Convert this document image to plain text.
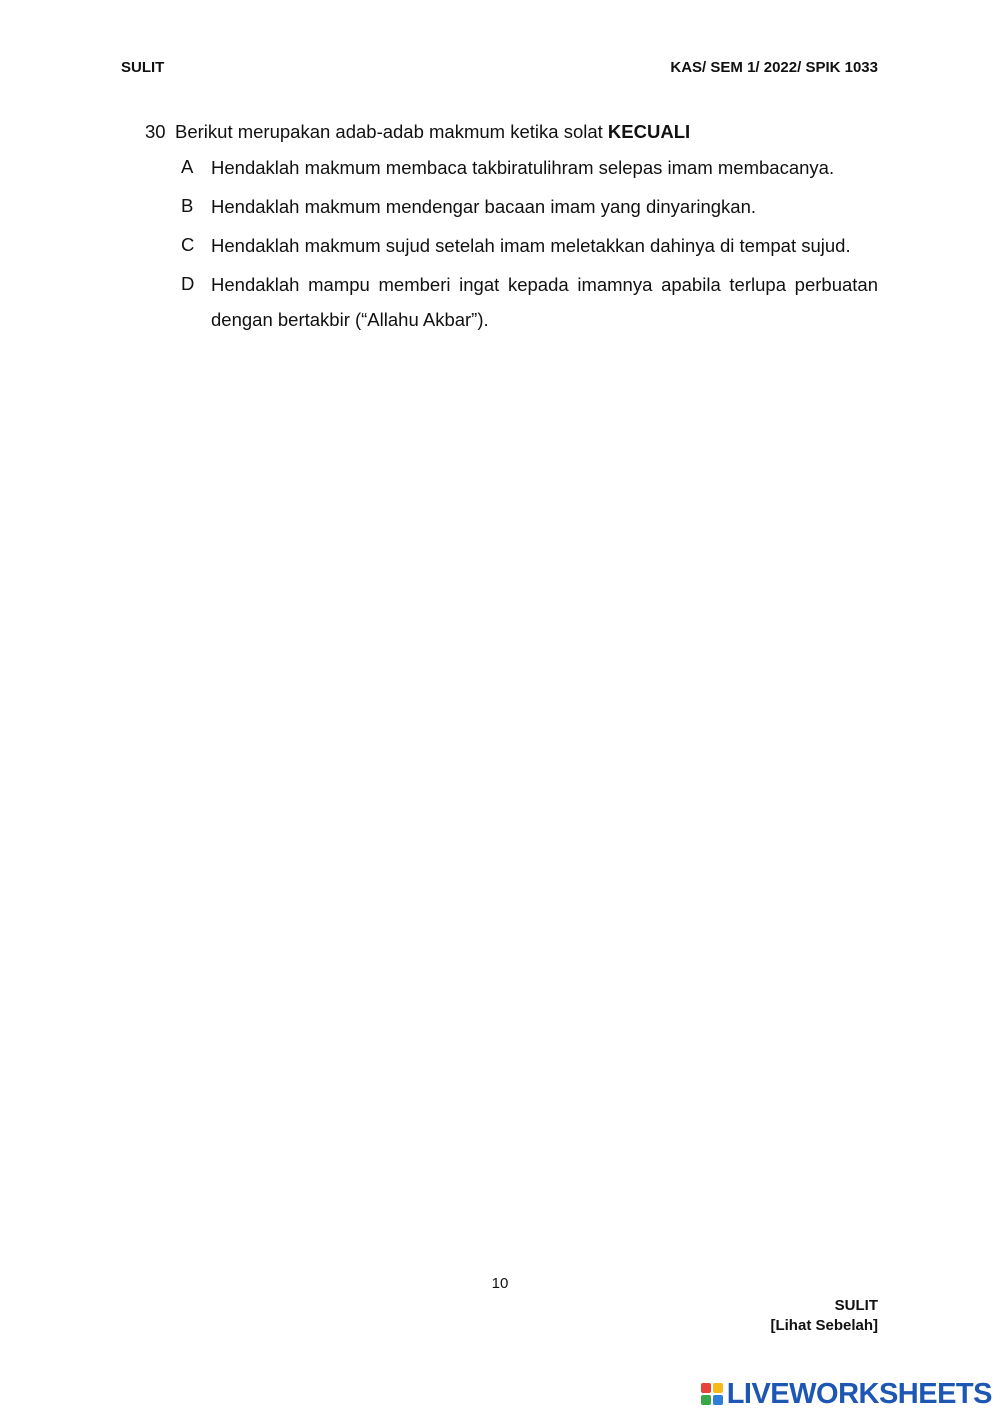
SULIT	KAS/ SEM 1/ 2022/ SPIK 1033
30 Berikut merupakan adab-adab makmum ketika solat KECUALI
A Hendaklah makmum membaca takbiratulihram selepas imam membacanya.
B Hendaklah makmum mendengar bacaan imam yang dinyaringkan.
C Hendaklah makmum sujud setelah imam meletakkan dahinya di tempat sujud.
D Hendaklah mampu memberi ingat kepada imamnya apabila terlupa perbuatan dengan bertakbir (“Allahu Akbar”).
10
SULIT
[Lihat Sebelah]
LIVEWORKSHEETS
